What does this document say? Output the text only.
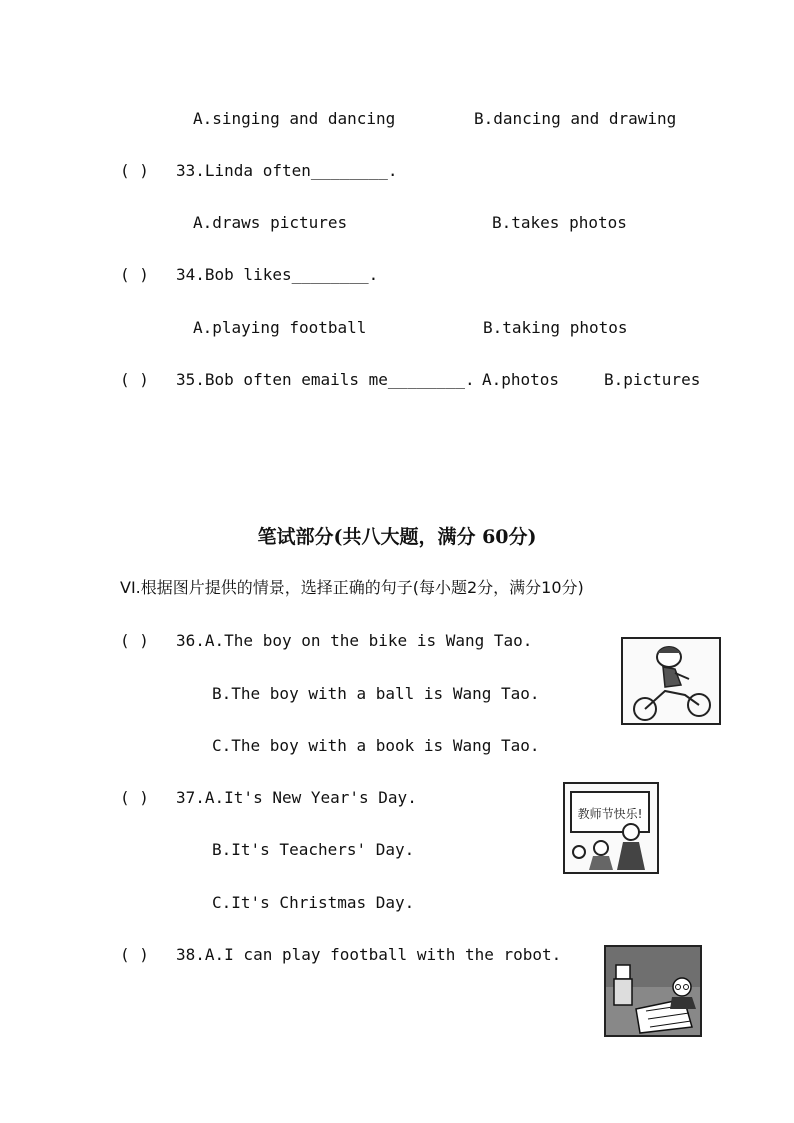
A.singing and dancing	B.dancing and drawing
( ) 33.Linda often________.
A.draws pictures	B.takes photos
( ) 34.Bob likes________.
A.playing football	B.taking photos
( ) 35.Bob often emails me________. A.photos	B.pictures
笔试部分(共八大题，满分 60分)
VI.根据图片提供的情景，选择正确的句子(每小题2分，满分10分)
( ) 36.A.The boy on the bike is Wang Tao.
B.The boy with a ball is Wang Tao.
C.The boy with a book is Wang Tao.
( ) 37.A.It's New Year's Day.
B.It's Teachers' Day.
C.It's Christmas Day.
教师节快乐!
( ) 38.A.I can play football with the robot.
